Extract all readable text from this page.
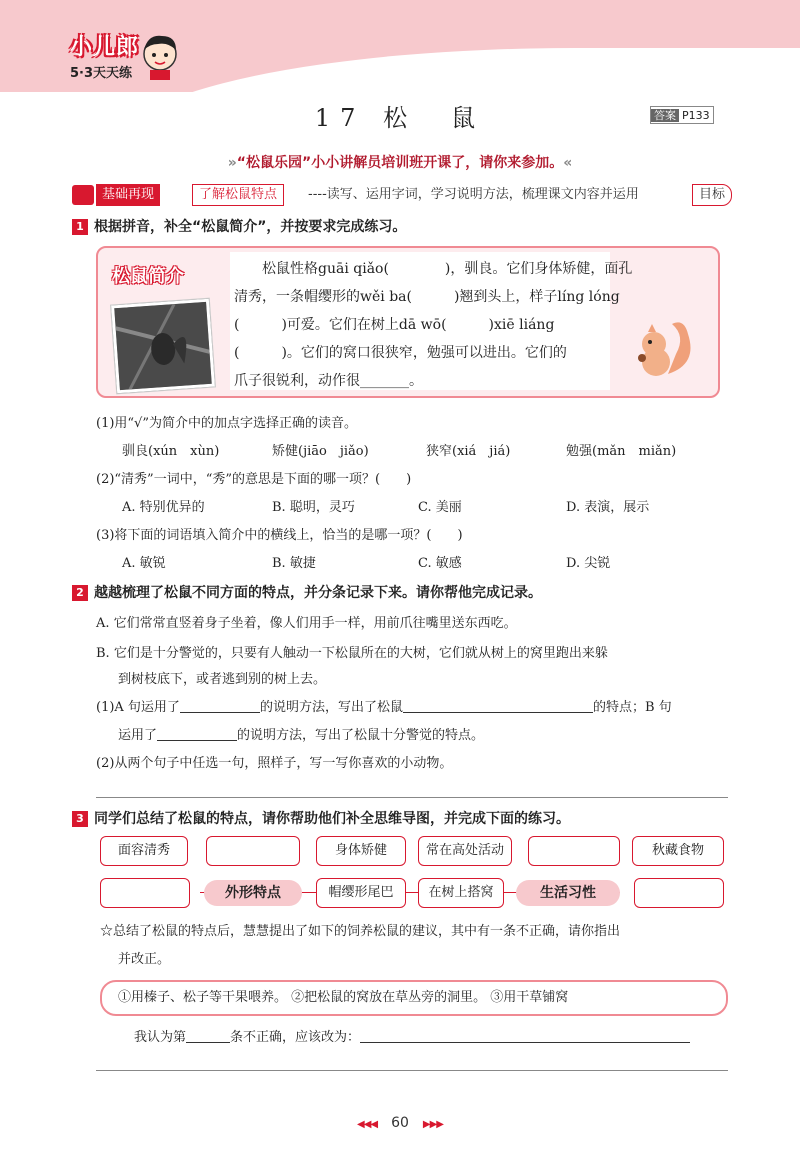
小儿郎
5·3天天练
17 松　鼠	答案 P133
»“松鼠乐园”小小讲解员培训班开课了，请你来参加。«
基础再现	了解松鼠特点	----读写、运用字词，学习说明方法，梳理课文内容并运用	目标
1 根据拼音，补全“松鼠简介”，并按要求完成练习。
松鼠简介	　　松鼠性格guāi qiǎo(　　　　)，驯良。它们身体矫健，面孔
清秀，一条帽缨形的wěi ba(　　　)翘到头上，样子líng lóng
(　　　)可爱。它们在树上dā wō(　　　)xiē liáng
(　　　)。它们的窝口很狭窄，勉强可以进出。它们的
爪子很锐利，动作很_______。
(1)用“√”为简介中的加点字选择正确的读音。
驯良(xún　xùn)	矫健(jiāo　jiǎo)	狭窄(xiá　jiá)	勉强(mǎn　miǎn)
(2)“清秀”一词中，“秀”的意思是下面的哪一项？(　　)
A. 特别优异的	B. 聪明，灵巧	C. 美丽	D. 表演，展示
(3)将下面的词语填入简介中的横线上，恰当的是哪一项？(　　)
A. 敏锐	B. 敏捷	C. 敏感	D. 尖锐
2 越越梳理了松鼠不同方面的特点，并分条记录下来。请你帮他完成记录。
A. 它们常常直竖着身子坐着，像人们用手一样，用前爪往嘴里送东西吃。
B. 它们是十分警觉的，只要有人触动一下松鼠所在的大树，它们就从树上的窝里跑出来躲
到树枝底下，或者逃到别的树上去。
(1)A 句运用了	的说明方法，写出了松鼠	的特点；B 句
运用了	的说明方法，写出了松鼠十分警觉的特点。
(2)从两个句子中任选一句，照样子，写一写你喜欢的小动物。
3 同学们总结了松鼠的特点，请你帮助他们补全思维导图，并完成下面的练习。
面容清秀	身体矫健
外形特点	帽缨形尾巴
常在高处活动	秋藏食物
在树上搭窝	生活习性
☆总结了松鼠的特点后，慧慧提出了如下的饲养松鼠的建议，其中有一条不正确，请你指出
并改正。
①用榛子、松子等干果喂养。 ②把松鼠的窝放在草丛旁的洞里。 ③用干草铺窝
我认为第	条不正确，应该改为：
◀◀◀　 60　 ▶▶▶
